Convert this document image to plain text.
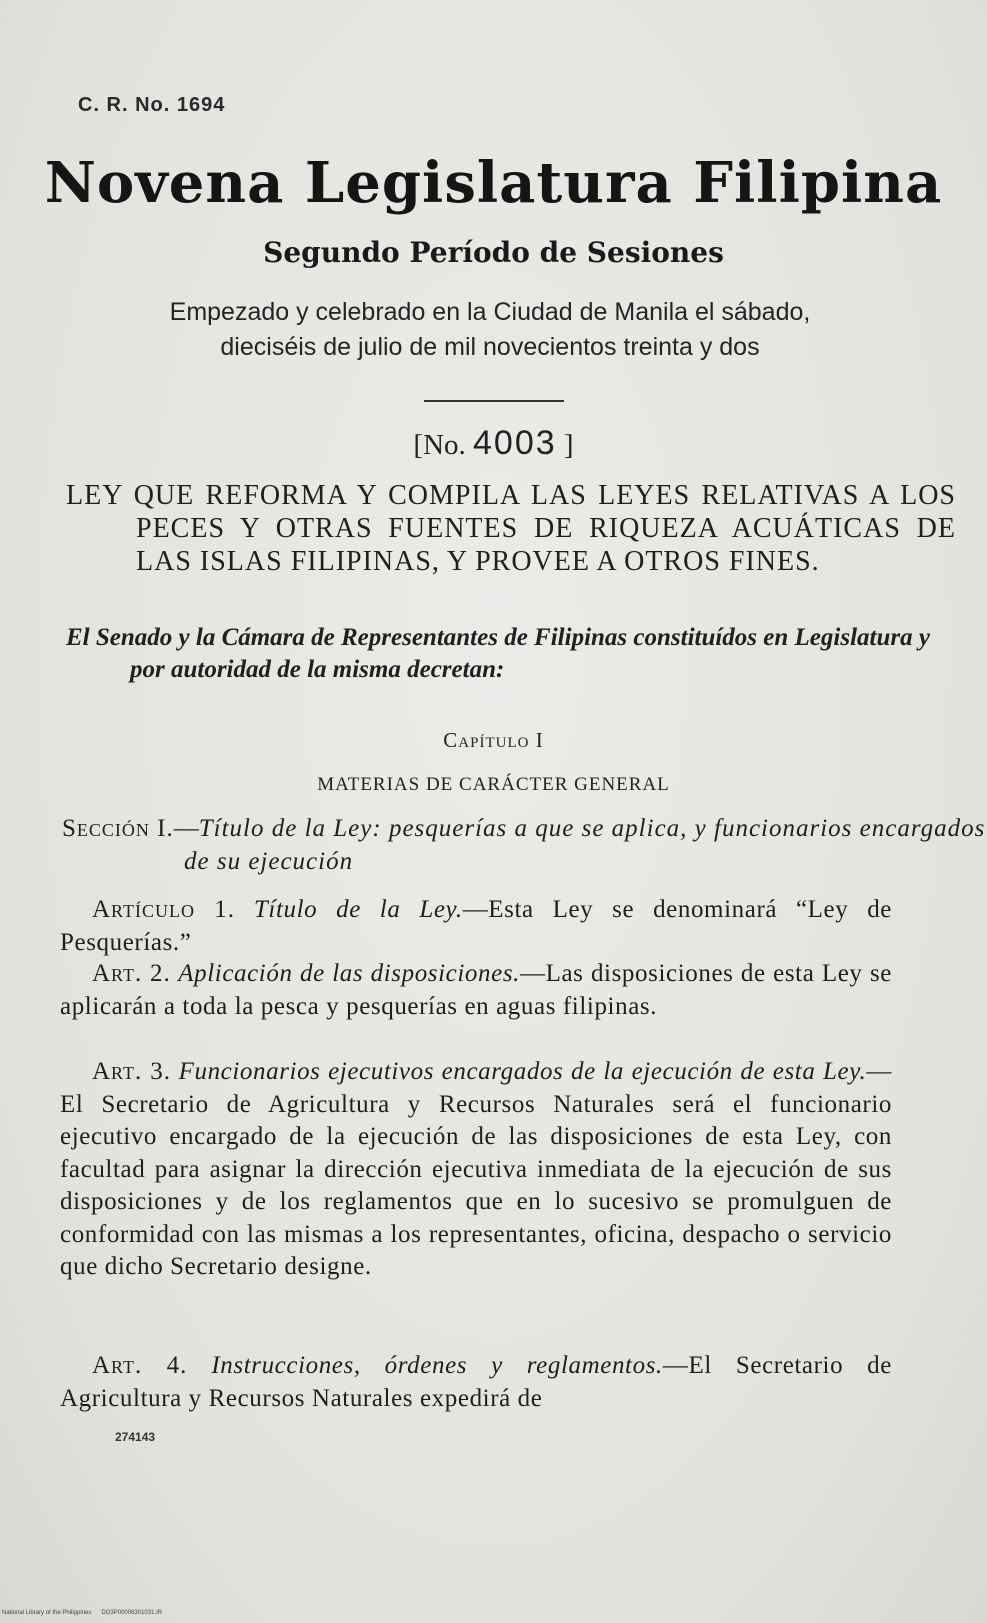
C. R. No. 1694
Novena Legislatura Filipina
Segundo Período de Sesiones
Empezado y celebrado en la Ciudad de Manila el sábado,
dieciséis de julio de mil novecientos treinta y dos
[No. 4003 ]
LEY QUE REFORMA Y COMPILA LAS LEYES RELATIVAS A LOS PECES Y OTRAS FUENTES DE RIQUEZA ACUÁTICAS DE LAS ISLAS FILIPINAS, Y PROVEE A OTROS FINES.
El Senado y la Cámara de Representantes de Filipinas constituídos en Legislatura y por autoridad de la misma decretan:
Capítulo I
MATERIAS DE CARÁCTER GENERAL
Sección I.—Título de la Ley: pesquerías a que se aplica, y funcionarios encargados de su ejecución
Artículo 1. Título de la Ley.—Esta Ley se denominará “Ley de Pesquerías.”
Art. 2. Aplicación de las disposiciones.—Las disposiciones de esta Ley se aplicarán a toda la pesca y pesquerías en aguas filipinas.
Art. 3. Funcionarios ejecutivos encargados de la ejecución de esta Ley.—El Secretario de Agricultura y Recursos Naturales será el funcionario ejecutivo encargado de la ejecución de las disposiciones de esta Ley, con facultad para asignar la dirección ejecutiva inmediata de la ejecución de sus disposiciones y de los reglamentos que en lo sucesivo se promulguen de conformidad con las mismas a los representantes, oficina, despacho o servicio que dicho Secretario designe.
Art. 4. Instrucciones, órdenes y reglamentos.—El Secretario de Agricultura y Recursos Naturales expedirá de
274143
National Library of the Philippines DO3P00006301031.IR
